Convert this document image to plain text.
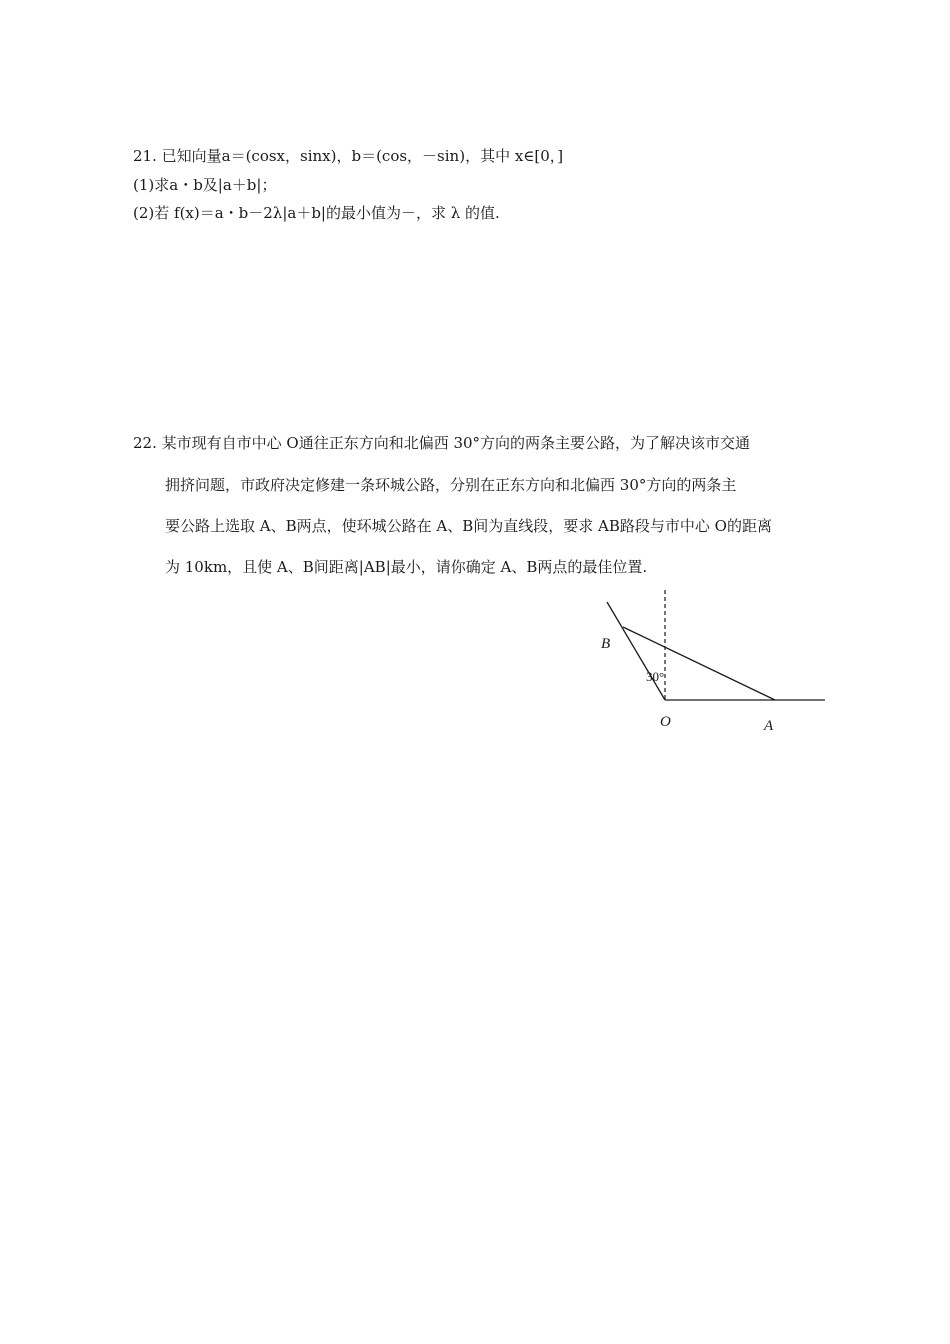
21. 已知向量a＝(cosx，sinx)，b＝(cos，－sin)，其中 x∈[0，]
(1)求a・b及|a＋b|；
(2)若 f(x)＝a・b－2λ|a＋b|的最小值为－，求 λ 的值.
22. 某市现有自市中心 O通往正东方向和北偏西 30°方向的两条主要公路，为了解决该市交通
拥挤问题，市政府决定修建一条环城公路，分别在正东方向和北偏西 30°方向的两条主
要公路上选取 A、B两点，使环城公路在 A、B间为直线段，要求 AB路段与市中心 O的距离
为 10km，且使 A、B间距离|AB|最小，请你确定 A、B两点的最佳位置.
B
30°
O	A
